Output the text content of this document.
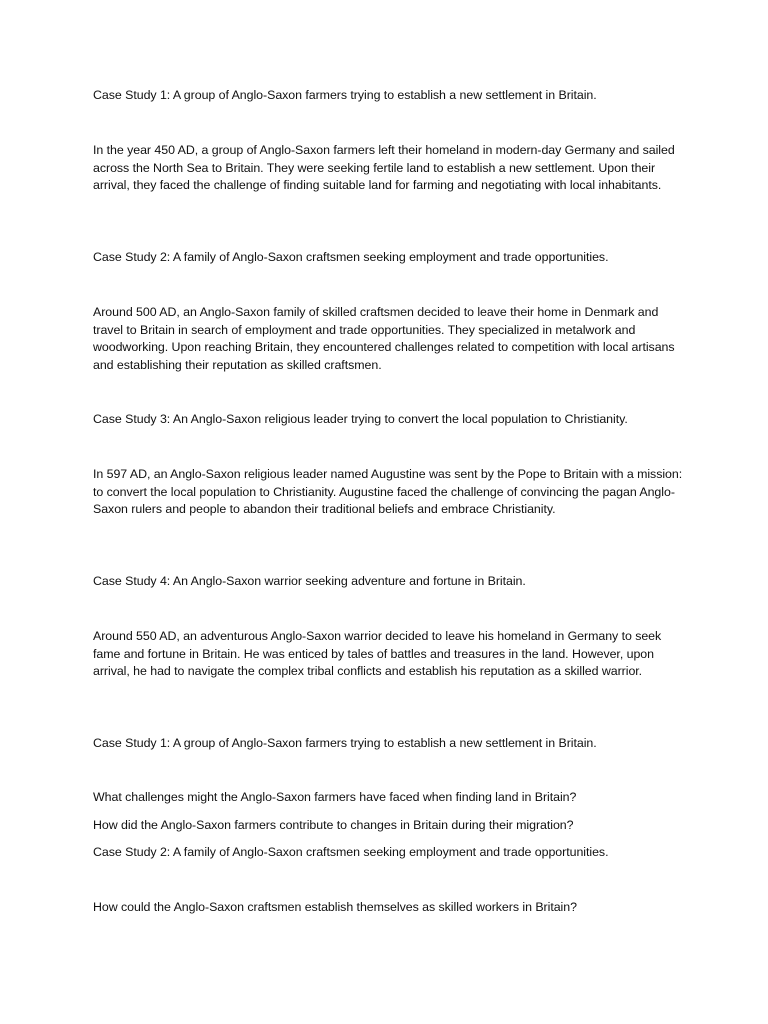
Case Study 1: A group of Anglo-Saxon farmers trying to establish a new settlement in Britain.

In the year 450 AD, a group of Anglo-Saxon farmers left their homeland in modern-day Germany and sailed across the North Sea to Britain. They were seeking fertile land to establish a new settlement. Upon their arrival, they faced the challenge of finding suitable land for farming and negotiating with local inhabitants.

Case Study 2: A family of Anglo-Saxon craftsmen seeking employment and trade opportunities.

Around 500 AD, an Anglo-Saxon family of skilled craftsmen decided to leave their home in Denmark and travel to Britain in search of employment and trade opportunities. They specialized in metalwork and woodworking. Upon reaching Britain, they encountered challenges related to competition with local artisans and establishing their reputation as skilled craftsmen.

Case Study 3: An Anglo-Saxon religious leader trying to convert the local population to Christianity.

In 597 AD, an Anglo-Saxon religious leader named Augustine was sent by the Pope to Britain with a mission: to convert the local population to Christianity. Augustine faced the challenge of convincing the pagan Anglo-Saxon rulers and people to abandon their traditional beliefs and embrace Christianity.

Case Study 4: An Anglo-Saxon warrior seeking adventure and fortune in Britain.

Around 550 AD, an adventurous Anglo-Saxon warrior decided to leave his homeland in Germany to seek fame and fortune in Britain. He was enticed by tales of battles and treasures in the land. However, upon arrival, he had to navigate the complex tribal conflicts and establish his reputation as a skilled warrior.

Case Study 1: A group of Anglo-Saxon farmers trying to establish a new settlement in Britain.

What challenges might the Anglo-Saxon farmers have faced when finding land in Britain?

How did the Anglo-Saxon farmers contribute to changes in Britain during their migration?

Case Study 2: A family of Anglo-Saxon craftsmen seeking employment and trade opportunities.

How could the Anglo-Saxon craftsmen establish themselves as skilled workers in Britain?
